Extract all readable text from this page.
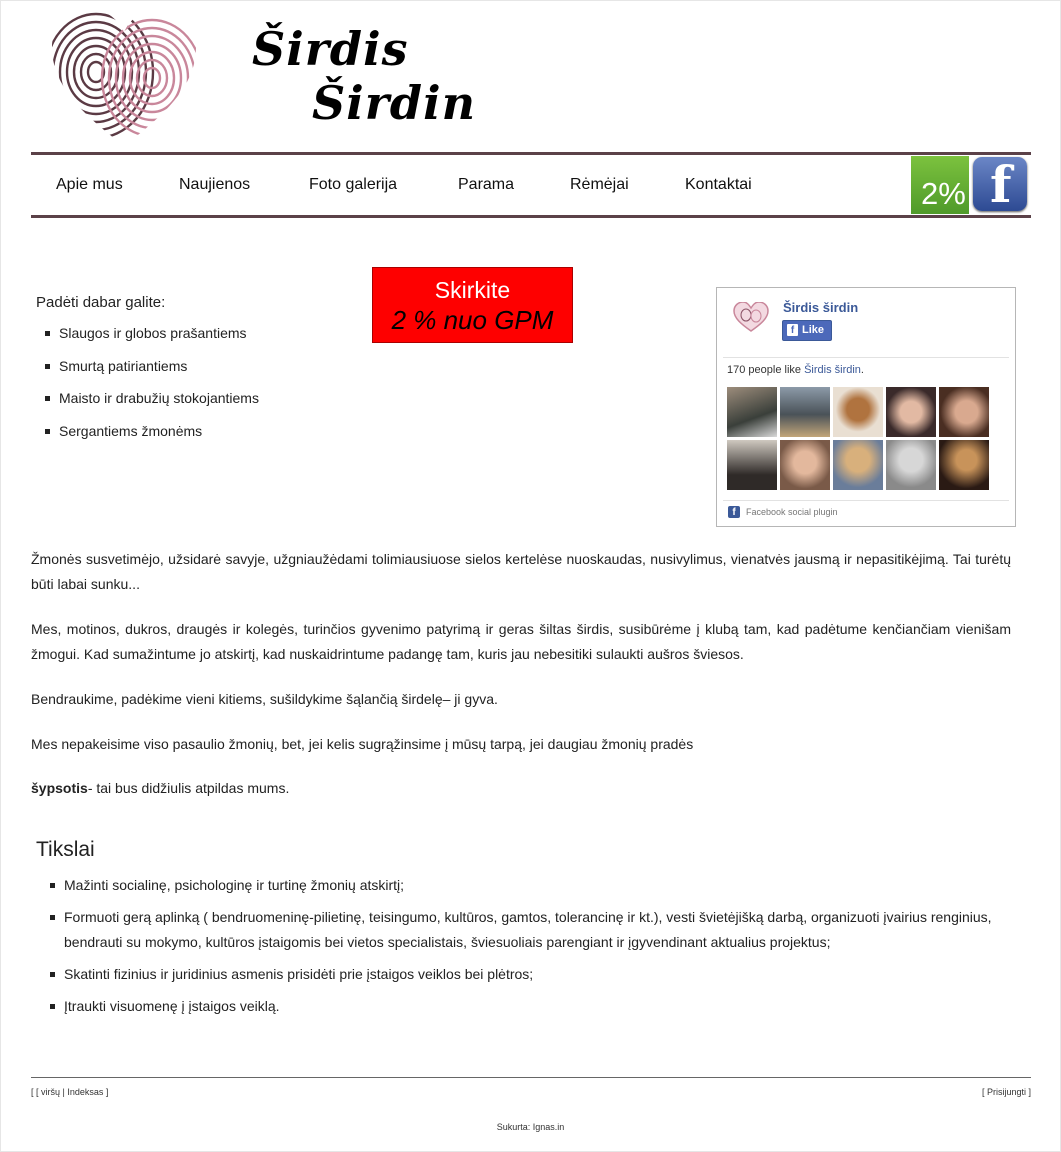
Širdis
Širdin
Apie mus	Naujienos	Foto galerija	Parama	Rėmėjai	Kontaktai	2% f
Padėti dabar galite:
Slaugos ir globos prašantiems
Smurtą patiriantiems
Maisto ir drabužių stokojantiems
Sergantiems žmonėms
Skirkite
2 % nuo GPM	Širdis širdin
f Like
170 people like Širdis širdin.
f	Facebook social plugin
Žmonės susvetimėjo, užsidarė savyje, užgniaužėdami tolimiausiuose sielos kertelėse nuoskaudas, nusivylimus, vienatvės jausmą ir nepasitikėjimą. Tai turėtų būti labai sunku...
Mes, motinos, dukros, draugės ir kolegės, turinčios gyvenimo patyrimą ir geras šiltas širdis, susibūrėme į klubą tam, kad padėtume kenčiančiam vienišam žmogui. Kad sumažintume jo atskirtį, kad nuskaidrintume padangę tam, kuris jau nebesitiki sulaukti aušros šviesos.
Bendraukime, padėkime vieni kitiems, sušildykime šąlančią širdelę– ji gyva.
Mes nepakeisime viso pasaulio žmonių, bet, jei kelis sugrąžinsime į mūsų tarpą, jei daugiau žmonių pradės
šypsotis- tai bus didžiulis atpildas mums.
Tikslai
Mažinti socialinę, psichologinę ir turtinę žmonių atskirtį;
Formuoti gerą aplinką ( bendruomeninę-pilietinę, teisingumo, kultūros, gamtos, tolerancinę ir kt.), vesti švietėjišką darbą, organizuoti įvairius renginius, bendrauti su mokymo, kultūros įstaigomis bei vietos specialistais, šviesuoliais parengiant ir įgyvendinant aktualius projektus;
Skatinti fizinius ir juridinius asmenis prisidėti prie įstaigos veiklos bei plėtros;
Įtraukti visuomenę į įstaigos veiklą.
[ [ viršų | Indeksas ]	[ Prisijungti ]
Sukurta: Ignas.in
